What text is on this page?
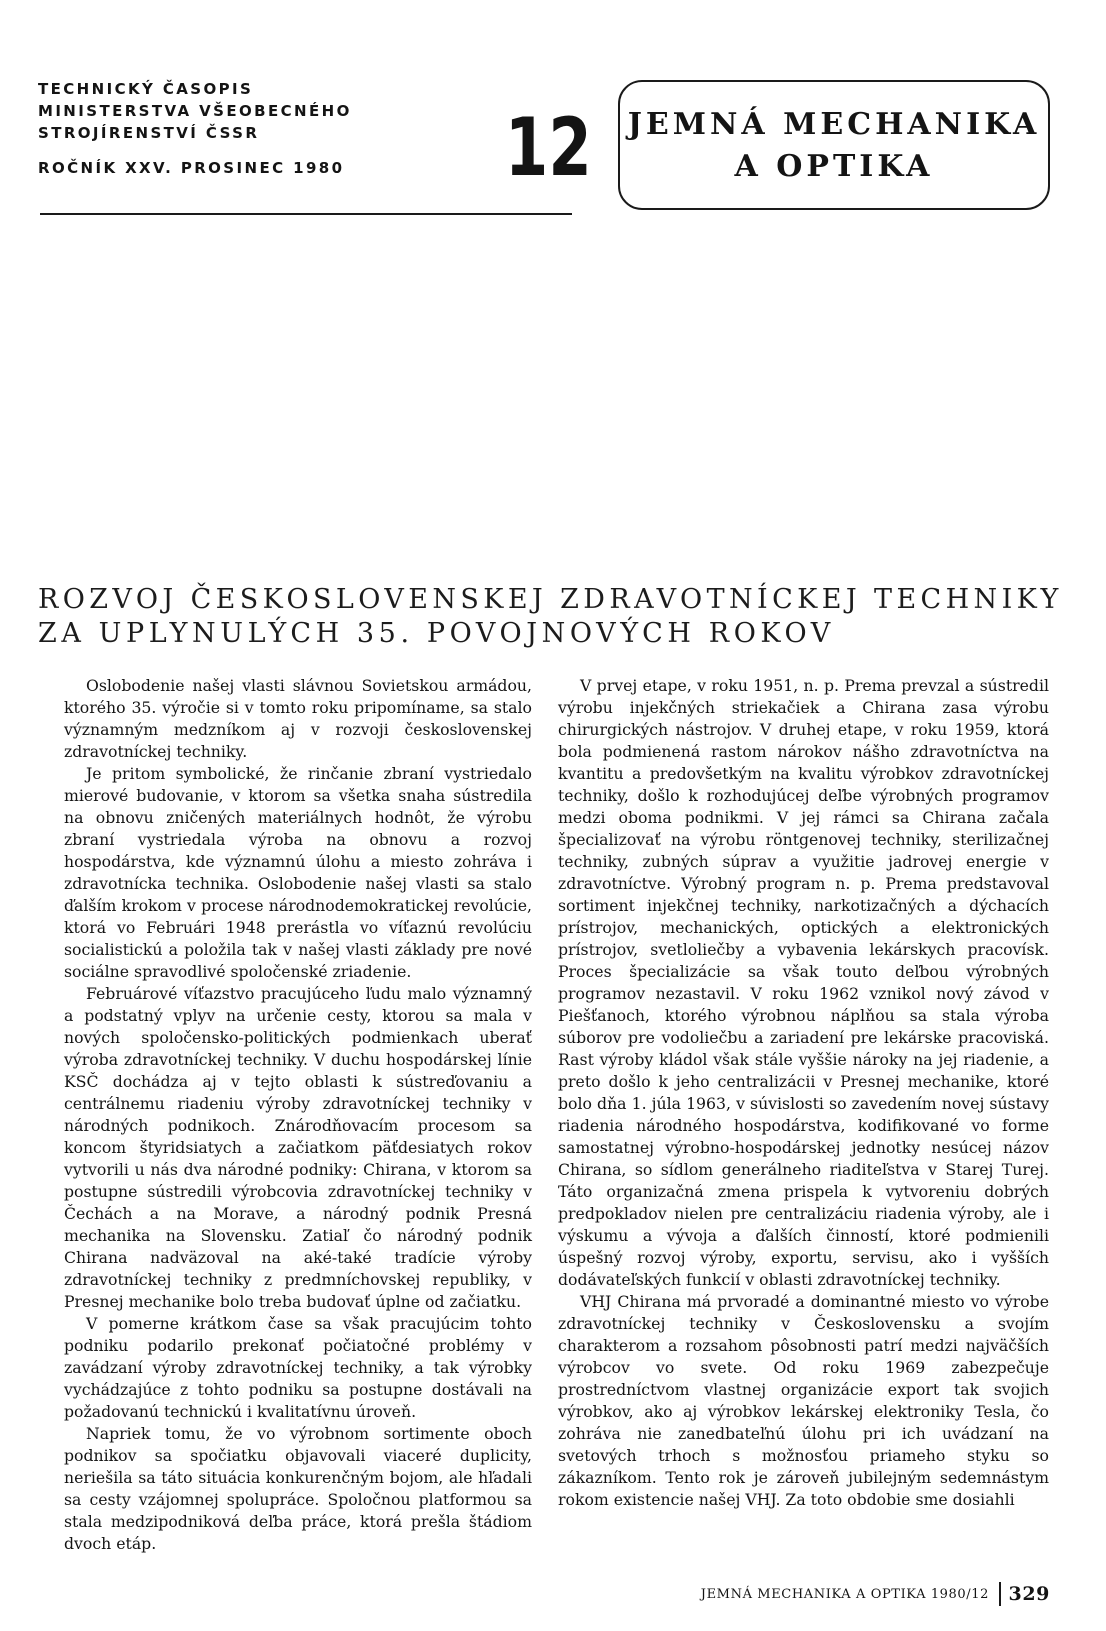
TECHNICKÝ ČASOPIS
MINISTERSTVA VŠEOBECNÉHO
STROJÍRENSTVÍ ČSSR
ROČNÍK XXV. PROSINEC 1980 12 JEMNÁ MECHANIKA
A OPTIKA
ROZVOJ ČESKOSLOVENSKEJ ZDRAVOTNÍCKEJ TECHNIKY
ZA UPLYNULÝCH 35. POVOJNOVÝCH ROKOV

Oslobodenie našej vlasti slávnou Sovietskou armádou, ktorého 35. výročie si v tomto roku pripomíname, sa stalo významným medzníkom aj v rozvoji československej zdravotníckej techniky.

Je pritom symbolické, že rinčanie zbraní vystriedalo mierové budovanie, v ktorom sa všetka snaha sústredila na obnovu zničených materiálnych hodnôt, že výrobu zbraní vystriedala výroba na obnovu a rozvoj hospodárstva, kde významnú úlohu a miesto zohráva i zdravotnícka technika. Oslobodenie našej vlasti sa stalo ďalším krokom v procese národnodemokratickej revolúcie, ktorá vo Februári 1948 prerástla vo víťaznú revolúciu socialistickú a položila tak v našej vlasti základy pre nové sociálne spravodlivé spoločenské zriadenie.

Februárové víťazstvo pracujúceho ľudu malo významný a podstatný vplyv na určenie cesty, ktorou sa mala v nových spoločensko-politických podmienkach uberať výroba zdravotníckej techniky. V duchu hospodárskej línie KSČ dochádza aj v tejto oblasti k sústreďovaniu a centrálnemu riadeniu výroby zdravotníckej techniky v národných podnikoch. Znárodňovacím procesom sa koncom štyridsiatych a začiatkom päťdesiatych rokov vytvorili u nás dva národné podniky: Chirana, v ktorom sa postupne sústredili výrobcovia zdravotníckej techniky v Čechách a na Morave, a národný podnik Presná mechanika na Slovensku. Zatiaľ čo národný podnik Chirana nadväzoval na aké-také tradície výroby zdravotníckej techniky z predmníchovskej republiky, v Presnej mechanike bolo treba budovať úplne od začiatku.

V pomerne krátkom čase sa však pracujúcim tohto podniku podarilo prekonať počiatočné problémy v zavádzaní výroby zdravotníckej techniky, a tak výrobky vychádzajúce z tohto podniku sa postupne dostávali na požadovanú technickú i kvalitatívnu úroveň.

Napriek tomu, že vo výrobnom sortimente oboch podnikov sa spočiatku objavovali viaceré duplicity, neriešila sa táto situácia konkurenčným bojom, ale hľadali sa cesty vzájomnej spolupráce. Spoločnou platformou sa stala medzipodniková deľba práce, ktorá prešla štádiom dvoch etáp.

V prvej etape, v roku 1951, n. p. Prema prevzal a sústredil výrobu injekčných striekačiek a Chirana zasa výrobu chirurgických nástrojov. V druhej etape, v roku 1959, ktorá bola podmienená rastom nárokov nášho zdravotníctva na kvantitu a predovšetkým na kvalitu výrobkov zdravotníckej techniky, došlo k rozhodujúcej deľbe výrobných programov medzi oboma podnikmi. V jej rámci sa Chirana začala špecializovať na výrobu röntgenovej techniky, sterilizačnej techniky, zubných súprav a využitie jadrovej energie v zdravotníctve. Výrobný program n. p. Prema predstavoval sortiment injekčnej techniky, narkotizačných a dýchacích prístrojov, mechanických, optických a elektronických prístrojov, svetloliečby a vybavenia lekárskych pracovísk. Proces špecializácie sa však touto deľbou výrobných programov nezastavil. V roku 1962 vznikol nový závod v Piešťanoch, ktorého výrobnou náplňou sa stala výroba súborov pre vodoliečbu a zariadení pre lekárske pracoviská. Rast výroby kládol však stále vyššie nároky na jej riadenie, a preto došlo k jeho centralizácii v Presnej mechanike, ktoré bolo dňa 1. júla 1963, v súvislosti so zavedením novej sústavy riadenia národného hospodárstva, kodifikované vo forme samostatnej výrobno-hospodárskej jednotky nesúcej názov Chirana, so sídlom generálneho riaditeľstva v Starej Turej. Táto organizačná zmena prispela k vytvoreniu dobrých predpokladov nielen pre centralizáciu riadenia výroby, ale i výskumu a vývoja a ďalších činností, ktoré podmienili úspešný rozvoj výroby, exportu, servisu, ako i vyšších dodávateľských funkcií v oblasti zdravotníckej techniky.

VHJ Chirana má prvoradé a dominantné miesto vo výrobe zdravotníckej techniky v Československu a svojím charakterom a rozsahom pôsobnosti patrí medzi najväčších výrobcov vo svete. Od roku 1969 zabezpečuje prostredníctvom vlastnej organizácie export tak svojich výrobkov, ako aj výrobkov lekárskej elektroniky Tesla, čo zohráva nie zanedbateľnú úlohu pri ich uvádzaní na svetových trhoch s možnosťou priameho styku so zákazníkom. Tento rok je zároveň jubilejným sedemnástym rokom existencie našej VHJ. Za toto obdobie sme dosiahli

JEMNÁ MECHANIKA A OPTIKA 1980/12 329
